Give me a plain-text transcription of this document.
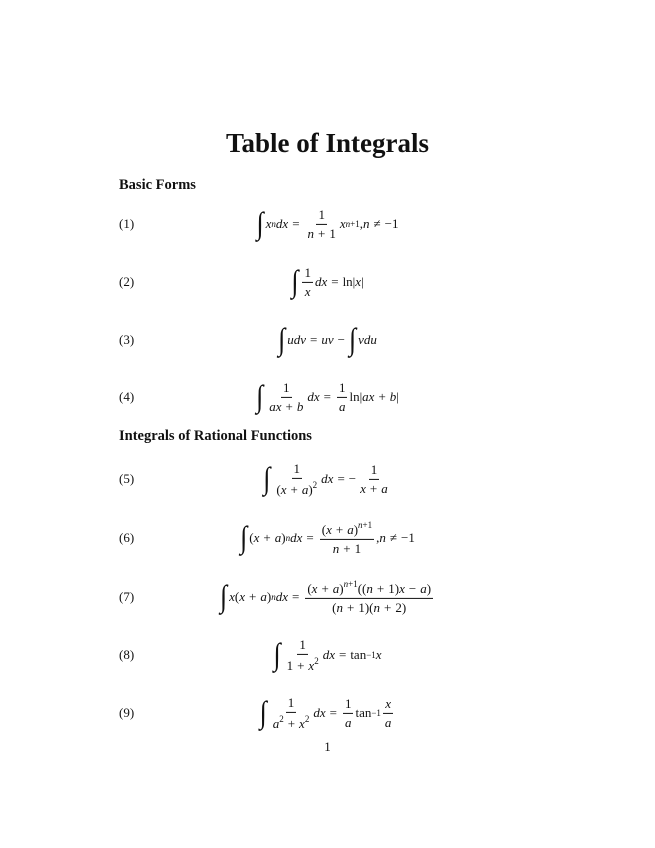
Table of Integrals
Basic Forms
(1)	∫ x n dx = $\frac{1}{n + 1}$ x n+1 , n ≠ −1
(2)	∫ $\frac{1}{x}$ dx = ln| x |
(3)	∫ udv = uv − ∫ vdu
(4)	∫ $\frac{1}{ax + b}$ dx = $\frac{1}{a} \ln|$ ax + b |
Integrals of Rational Functions
(5)	∫ $\frac{1}{(x + a)^2}$ dx = − $\frac{1}{x + a}$
(6)	∫ ( x + a ) n dx = $\frac{(x + a)^{n+1}}{n + 1}$ , n ≠ −1
(7)	∫ x ( x + a ) n dx = $\frac{(x + a)^{n+1}((n + 1)x - a)}{(n + 1)(n + 2)}$
(8)	∫ $\frac{1}{1 + x^2}$ dx = tan −1 x
(9)	∫ $\frac{1}{a^2 + x^2}$ dx = $\frac{1}{a}$ $\tan -1 \frac{x}{a}$
1
